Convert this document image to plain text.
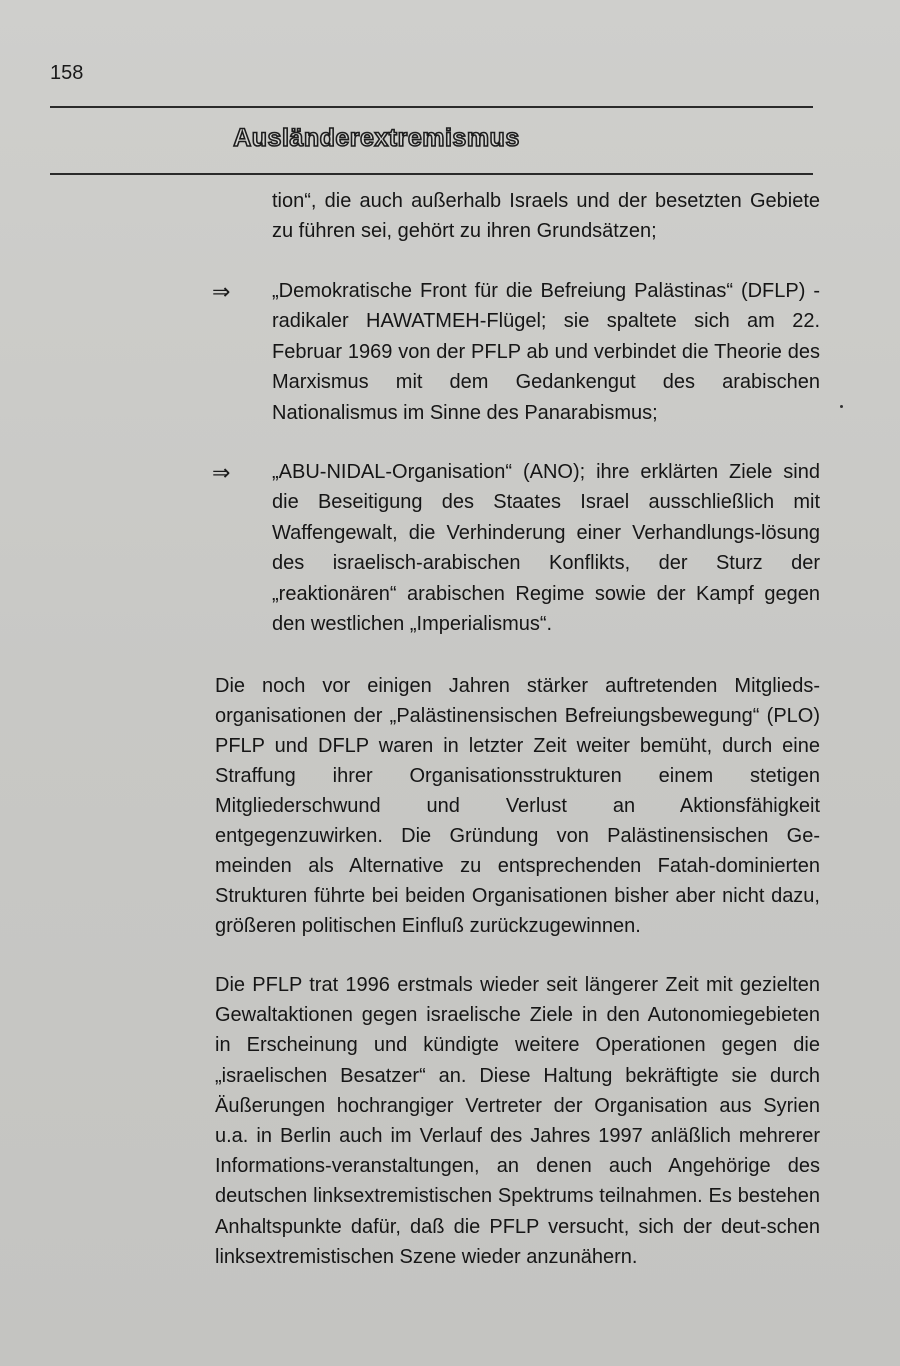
158
Ausländerextremismus

tion“, die auch außerhalb Israels und der besetzten Gebiete zu führen sei, gehört zu ihren Grundsätzen;

⇒ „Demokratische Front für die Befreiung Palästinas“ (DFLP) - radikaler HAWATMEH-Flügel; sie spaltete sich am 22. Februar 1969 von der PFLP ab und verbindet die Theorie des Marxismus mit dem Gedankengut des arabischen Nationalismus im Sinne des Panarabismus;

⇒ „ABU-NIDAL-Organisation“ (ANO); ihre erklärten Ziele sind die Beseitigung des Staates Israel ausschließlich mit Waffengewalt, die Verhinderung einer Verhandlungs-lösung des israelisch-arabischen Konflikts, der Sturz der „reaktionären“ arabischen Regime sowie der Kampf gegen den westlichen „Imperialismus“.

Die noch vor einigen Jahren stärker auftretenden Mitglieds-organisationen der „Palästinensischen Befreiungsbewegung“ (PLO) PFLP und DFLP waren in letzter Zeit weiter bemüht, durch eine Straffung ihrer Organisationsstrukturen einem stetigen Mitgliederschwund und Verlust an Aktionsfähigkeit entgegenzuwirken. Die Gründung von Palästinensischen Ge-meinden als Alternative zu entsprechenden Fatah-dominierten Strukturen führte bei beiden Organisationen bisher aber nicht dazu, größeren politischen Einfluß zurückzugewinnen.

Die PFLP trat 1996 erstmals wieder seit längerer Zeit mit gezielten Gewaltaktionen gegen israelische Ziele in den Autonomiegebieten in Erscheinung und kündigte weitere Operationen gegen die „israelischen Besatzer“ an. Diese Haltung bekräftigte sie durch Äußerungen hochrangiger Vertreter der Organisation aus Syrien u.a. in Berlin auch im Verlauf des Jahres 1997 anläßlich mehrerer Informations-veranstaltungen, an denen auch Angehörige des deutschen linksextremistischen Spektrums teilnahmen. Es bestehen Anhaltspunkte dafür, daß die PFLP versucht, sich der deut-schen linksextremistischen Szene wieder anzunähern.
